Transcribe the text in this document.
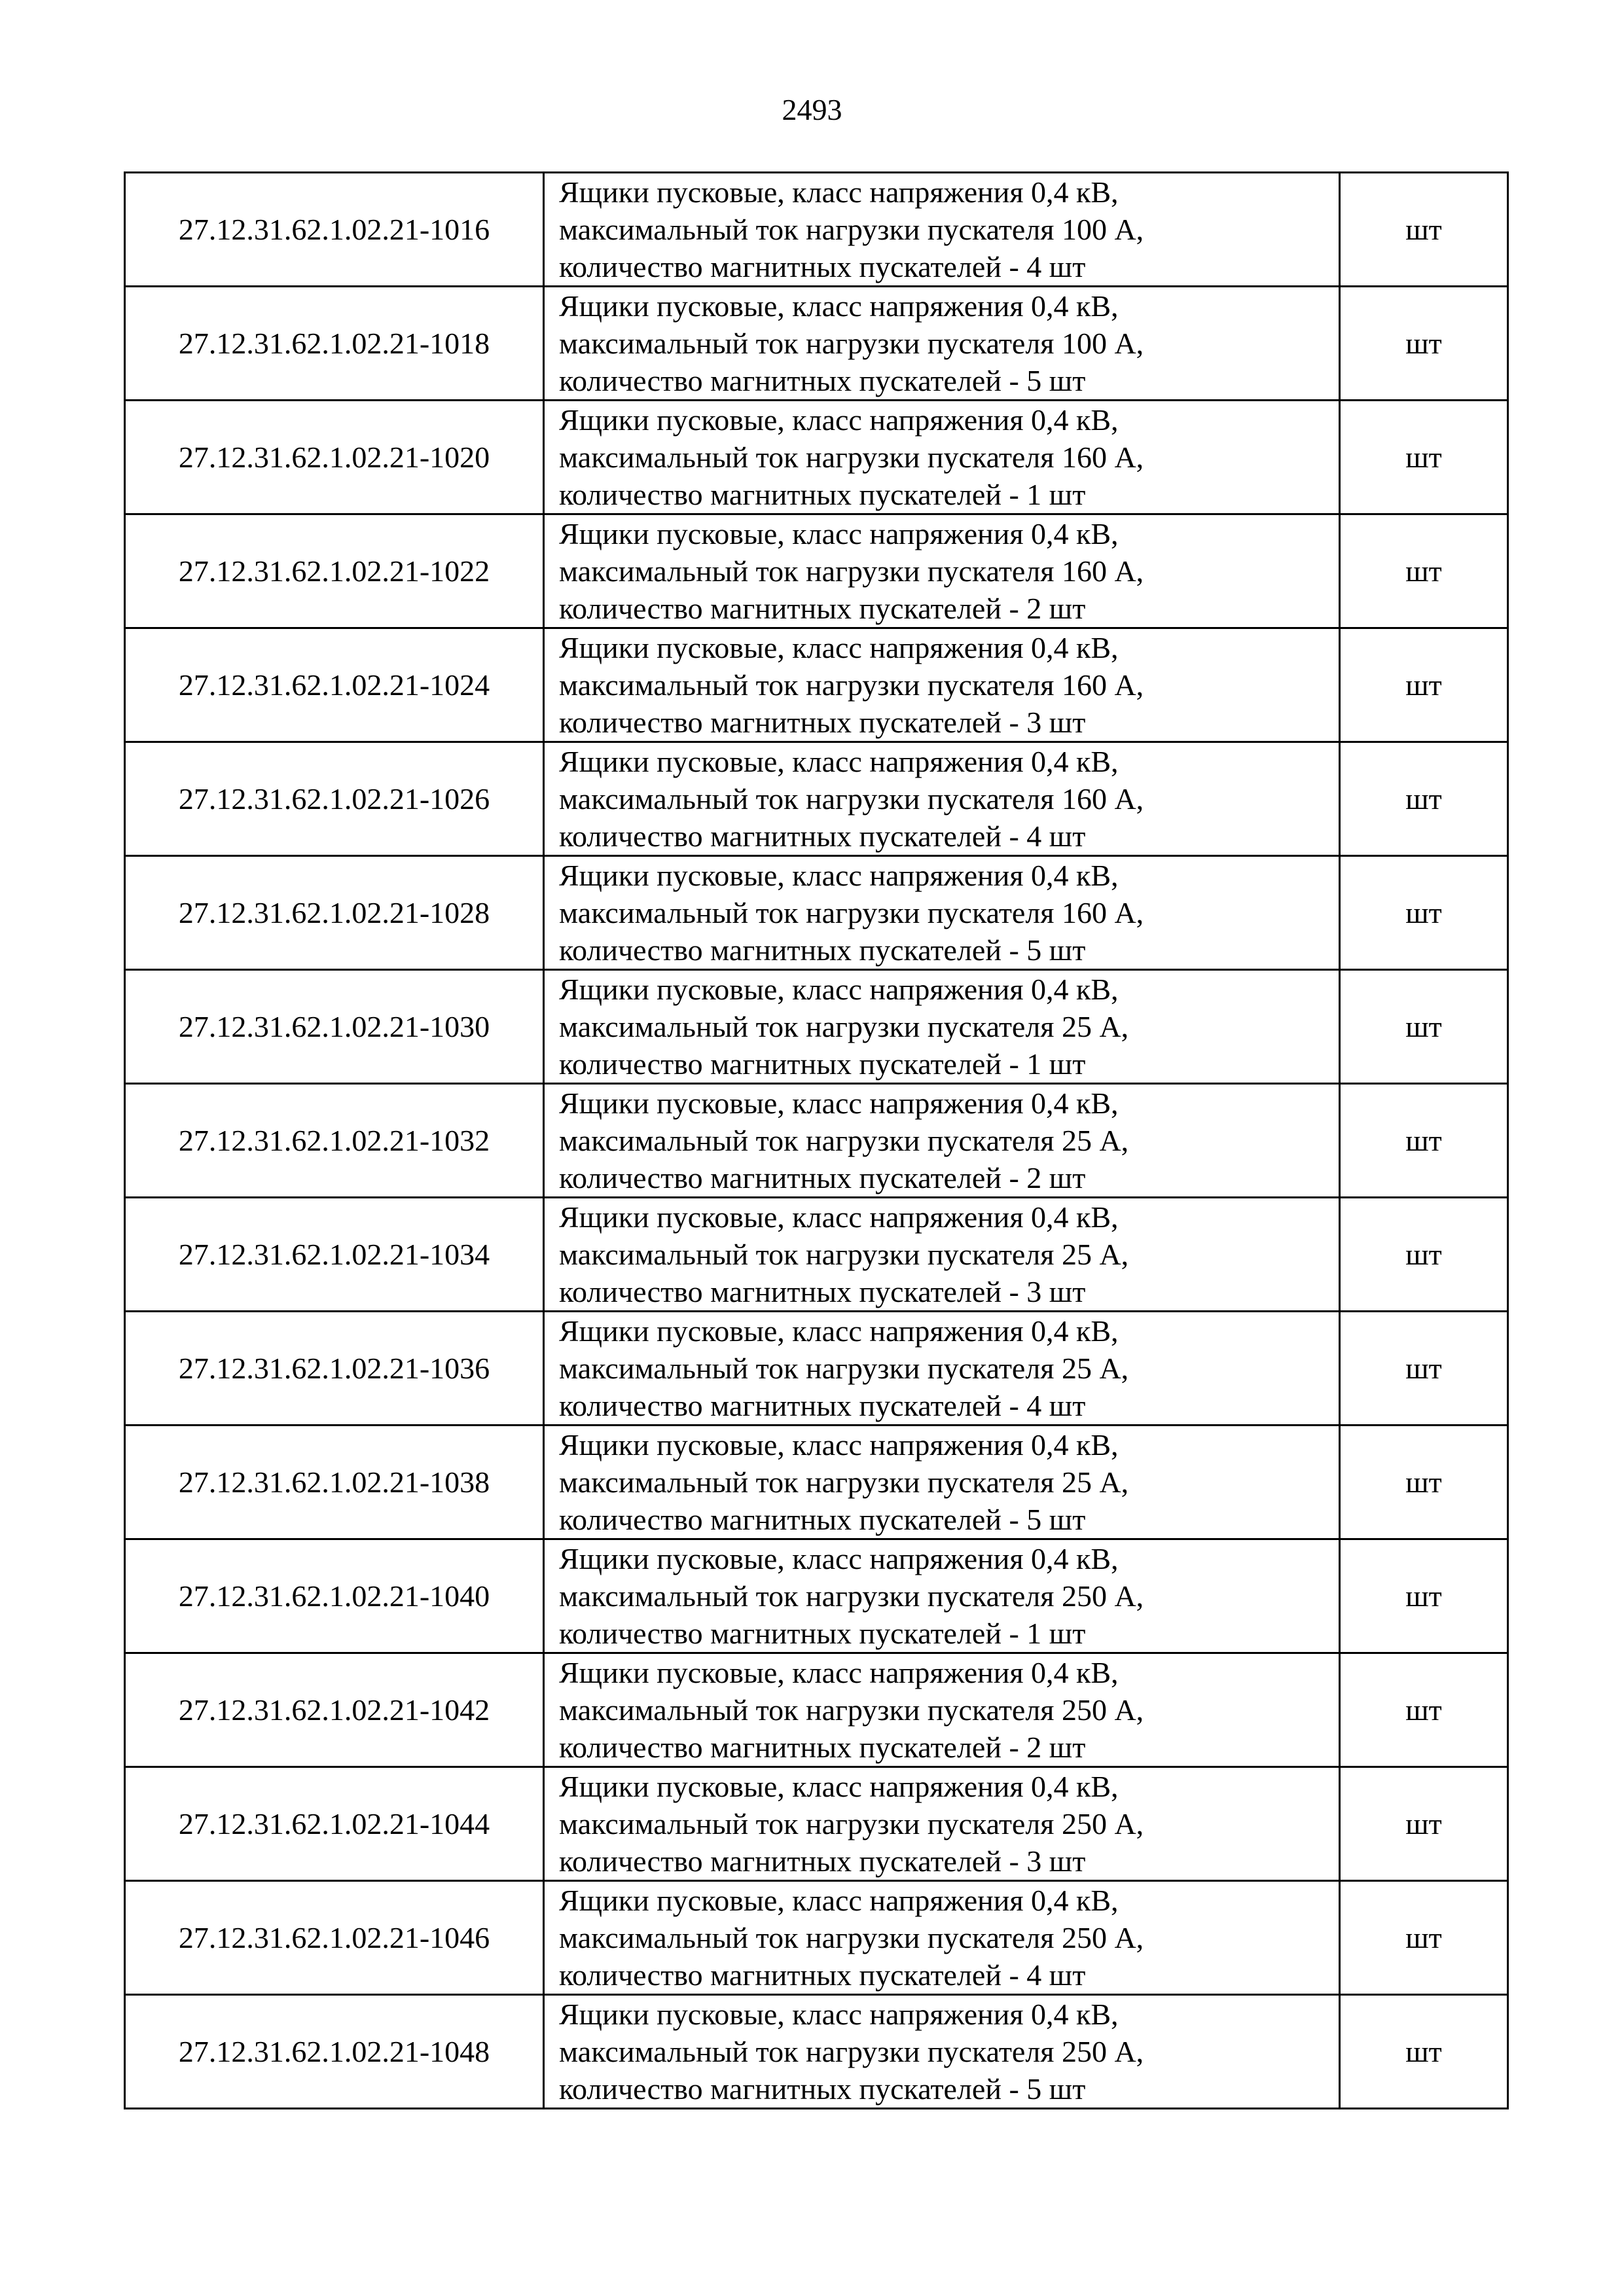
2493
27.12.31.62.1.02.21-1016	Ящики пусковые, класс напряжения 0,4 кВ,
максимальный ток нагрузки пускателя 100 А,
количество магнитных пускателей - 4 шт	шт
27.12.31.62.1.02.21-1018	Ящики пусковые, класс напряжения 0,4 кВ,
максимальный ток нагрузки пускателя 100 А,
количество магнитных пускателей - 5 шт	шт
27.12.31.62.1.02.21-1020	Ящики пусковые, класс напряжения 0,4 кВ,
максимальный ток нагрузки пускателя 160 А,
количество магнитных пускателей - 1 шт	шт
27.12.31.62.1.02.21-1022	Ящики пусковые, класс напряжения 0,4 кВ,
максимальный ток нагрузки пускателя 160 А,
количество магнитных пускателей - 2 шт	шт
27.12.31.62.1.02.21-1024	Ящики пусковые, класс напряжения 0,4 кВ,
максимальный ток нагрузки пускателя 160 А,
количество магнитных пускателей - 3 шт	шт
27.12.31.62.1.02.21-1026	Ящики пусковые, класс напряжения 0,4 кВ,
максимальный ток нагрузки пускателя 160 А,
количество магнитных пускателей - 4 шт	шт
27.12.31.62.1.02.21-1028	Ящики пусковые, класс напряжения 0,4 кВ,
максимальный ток нагрузки пускателя 160 А,
количество магнитных пускателей - 5 шт	шт
27.12.31.62.1.02.21-1030	Ящики пусковые, класс напряжения 0,4 кВ,
максимальный ток нагрузки пускателя 25 А,
количество магнитных пускателей - 1 шт	шт
27.12.31.62.1.02.21-1032	Ящики пусковые, класс напряжения 0,4 кВ,
максимальный ток нагрузки пускателя 25 А,
количество магнитных пускателей - 2 шт	шт
27.12.31.62.1.02.21-1034	Ящики пусковые, класс напряжения 0,4 кВ,
максимальный ток нагрузки пускателя 25 А,
количество магнитных пускателей - 3 шт	шт
27.12.31.62.1.02.21-1036	Ящики пусковые, класс напряжения 0,4 кВ,
максимальный ток нагрузки пускателя 25 А,
количество магнитных пускателей - 4 шт	шт
27.12.31.62.1.02.21-1038	Ящики пусковые, класс напряжения 0,4 кВ,
максимальный ток нагрузки пускателя 25 А,
количество магнитных пускателей - 5 шт	шт
27.12.31.62.1.02.21-1040	Ящики пусковые, класс напряжения 0,4 кВ,
максимальный ток нагрузки пускателя 250 А,
количество магнитных пускателей - 1 шт	шт
27.12.31.62.1.02.21-1042	Ящики пусковые, класс напряжения 0,4 кВ,
максимальный ток нагрузки пускателя 250 А,
количество магнитных пускателей - 2 шт	шт
27.12.31.62.1.02.21-1044	Ящики пусковые, класс напряжения 0,4 кВ,
максимальный ток нагрузки пускателя 250 А,
количество магнитных пускателей - 3 шт	шт
27.12.31.62.1.02.21-1046	Ящики пусковые, класс напряжения 0,4 кВ,
максимальный ток нагрузки пускателя 250 А,
количество магнитных пускателей - 4 шт	шт
27.12.31.62.1.02.21-1048	Ящики пусковые, класс напряжения 0,4 кВ,
максимальный ток нагрузки пускателя 250 А,
количество магнитных пускателей - 5 шт	шт
